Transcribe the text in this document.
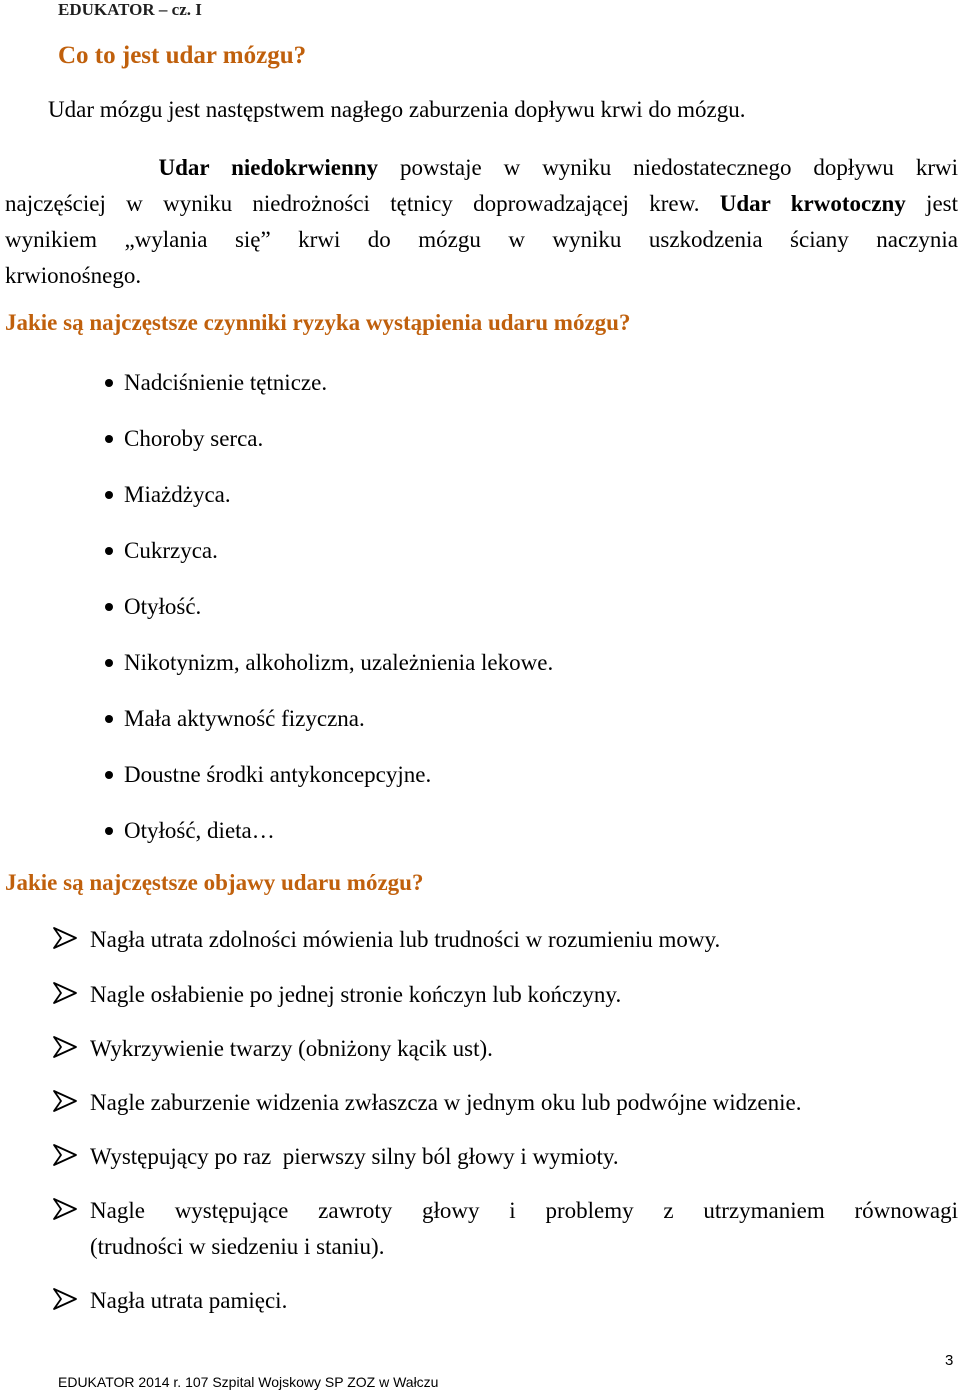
EDUKATOR – cz. I
Co to jest udar mózgu?

Udar mózgu jest następstwem nagłego zaburzenia dopływu krwi do mózgu.

Udar niedokrwienny powstaje w wyniku niedostatecznego dopływu krwi
najczęściej w wyniku niedrożności tętnicy doprowadzającej krew. Udar krwotoczny jest
wynikiem „wylania się” krwi do mózgu w wyniku uszkodzenia ściany naczynia
krwionośnego.
Jakie są najczęstsze czynniki ryzyka wystąpienia udaru mózgu?
Nadciśnienie tętnicze.
Choroby serca.
Miażdżyca.
Cukrzyca.
Otyłość.
Nikotynizm, alkoholizm, uzależnienia lekowe.
Mała aktywność fizyczna.
Doustne środki antykoncepcyjne.
Otyłość, dieta…
Jakie są najczęstsze objawy udaru mózgu?
Nagła utrata zdolności mówienia lub trudności w rozumieniu mowy.
Nagle osłabienie po jednej stronie kończyn lub kończyny.
Wykrzywienie twarzy (obniżony kącik ust).
Nagle zaburzenie widzenia zwłaszcza w jednym oku lub podwójne widzenie.
Występujący po raz  pierwszy silny ból głowy i wymioty.
Nagle występujące zawroty głowy i problemy z utrzymaniem równowagi
(trudności w siedzeniu i staniu).
Nagła utrata pamięci.
3
EDUKATOR 2014 r. 107 Szpital Wojskowy SP ZOZ w Wałczu
